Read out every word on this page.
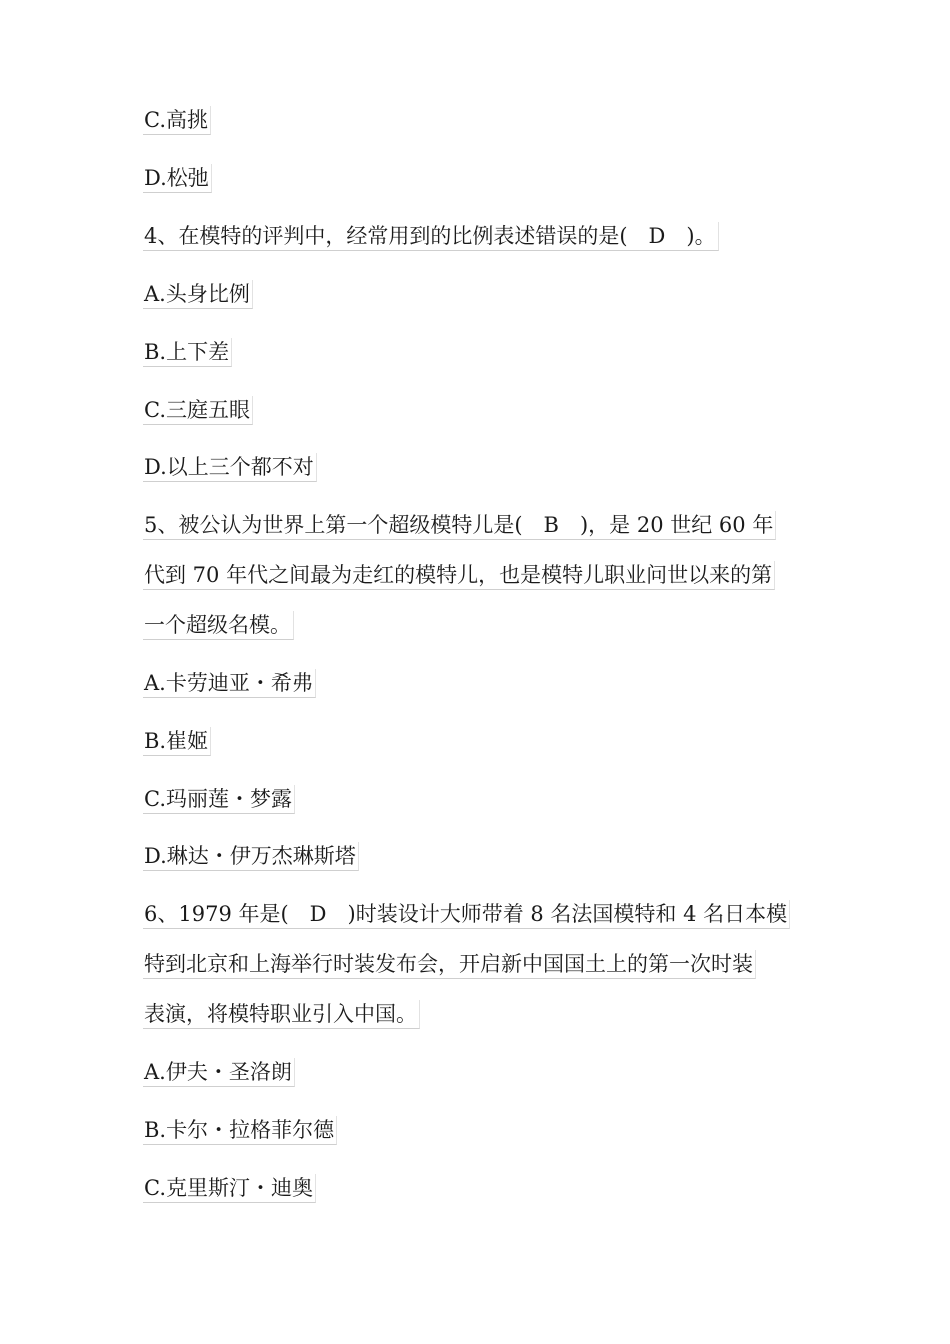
C.高挑
D.松弛
4、在模特的评判中，经常用到的比例表述错误的是(　D　)。
A.头身比例
B.上下差
C.三庭五眼
D.以上三个都不对
5、被公认为世界上第一个超级模特儿是(　B　)，是 20 世纪 60 年
代到 70 年代之间最为走红的模特儿，也是模特儿职业问世以来的第
一个超级名模。
A.卡劳迪亚・希弗
B.崔姬
C.玛丽莲・梦露
D.琳达・伊万杰琳斯塔
6、1979 年是(　D　)时装设计大师带着 8 名法国模特和 4 名日本模
特到北京和上海举行时装发布会，开启新中国国土上的第一次时装
表演，将模特职业引入中国。
A.伊夫・圣洛朗
B.卡尔・拉格菲尔德
C.克里斯汀・迪奥
